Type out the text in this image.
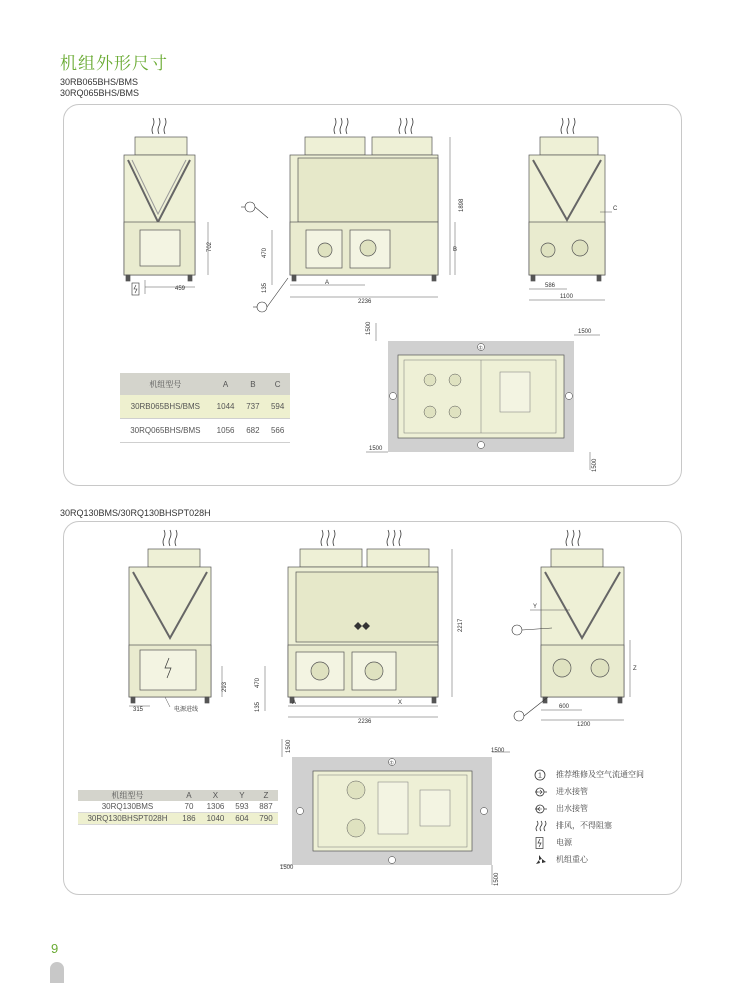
机组外形尺寸
30RB065BHS/BMS
30RQ065BHS/BMS
702
459
470
135	A
2236
1898
B
586
1100
C
①
1500	1500
1500
1500
机组型号	A	B	C
30RB065BHS/BMS	1044	737	594
30RQ065BHS/BMS	1056	682	566
30RQ130BMS/30RQ130BHSPT028H
293
315	电源进线
470
135	A	X
2236
2217
Y
Z
600
1200
①
1500	1500
1500
1500
机组型号	A	X	Y	Z
30RQ130BMS	70	1306	593	887
30RQ130BHSPT028H	186	1040	604	790
1 推荐维修及空气流通空间
进水接管
出水接管
排风，不得阻塞
电源
机组重心
9
